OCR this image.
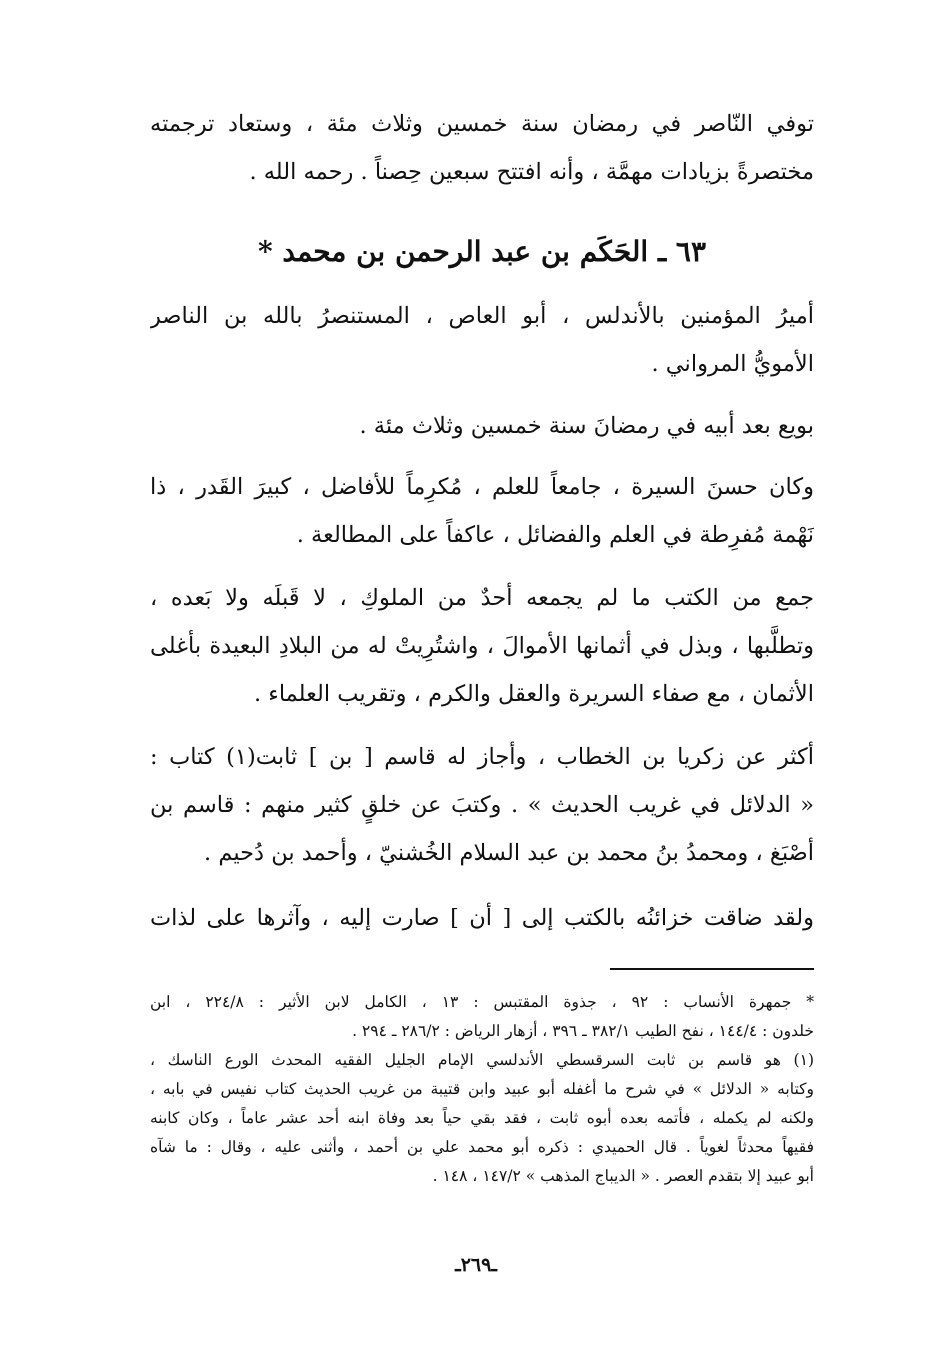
توفي النّاصر في رمضان سنة خمسين وثلاث مئة ، وستعاد ترجمته
مختصرةً بزيادات مهمَّة ، وأنه افتتح سبعين حِصناً . رحمه الله .
٦٣ ـ الحَكَم بن عبد الرحمن بن محمد *
أميرُ المؤمنين بالأندلس ، أبو العاص ، المستنصرُ بالله بن الناصر
الأمويُّ المرواني .
بويع بعد أبيه في رمضانَ سنة خمسين وثلاث مئة .
وكان حسنَ السيرة ، جامعاً للعلم ، مُكرِماً للأفاضل ، كبيرَ القَدر ، ذا
نَهْمة مُفرِطة في العلم والفضائل ، عاكفاً على المطالعة .
جمع من الكتب ما لم يجمعه أحدٌ من الملوكِ ، لا قَبلَه ولا بَعده ،
وتطلَّبها ، وبذل في أثمانها الأموالَ ، واشتُرِيتْ له من البلادِ البعيدة بأغلى
الأثمان ، مع صفاء السريرة والعقل والكرم ، وتقريب العلماء .
أكثر عن زكريا بن الخطاب ، وأجاز له قاسم [ بن ] ثابت(١) كتاب :
« الدلائل في غريب الحديث » . وكتبَ عن خلقٍ كثير منهم : قاسم بن
أصْبَغ ، ومحمدُ بنُ محمد بن عبد السلام الخُشنيّ ، وأحمد بن دُحيم .
ولقد ضاقت خزائنُه بالكتب إلى [ أن ] صارت إليه ، وآثرها على لذات
* جمهرة الأنساب : ٩٢ ، جذوة المقتبس : ١٣ ، الكامل لابن الأثير : ٢٢٤/٨ ، ابن
خلدون : ١٤٤/٤ ، نفح الطيب ٣٨٢/١ ـ ٣٩٦ ، أزهار الرياض : ٢٨٦/٢ ـ ٢٩٤ .
(١) هو قاسم بن ثابت السرقسطي الأندلسي الإمام الجليل الفقيه المحدث الورع الناسك ،
وكتابه « الدلائل » في شرح ما أغفله أبو عبيد وابن قتيبة من غريب الحديث كتاب نفيس في بابه ،
ولكنه لم يكمله ، فأتمه بعده أبوه ثابت ، فقد بقي حياً بعد وفاة ابنه أحد عشر عاماً ، وكان كابنه
فقيهاً محدثاً لغوياً . قال الحميدي : ذكره أبو محمد علي بن أحمد ، وأثنى عليه ، وقال : ما شآه
أبو عبيد إلا بتقدم العصر . « الديباج المذهب » ١٤٧/٢ ، ١٤٨ .
ـ٢٦٩ـ
